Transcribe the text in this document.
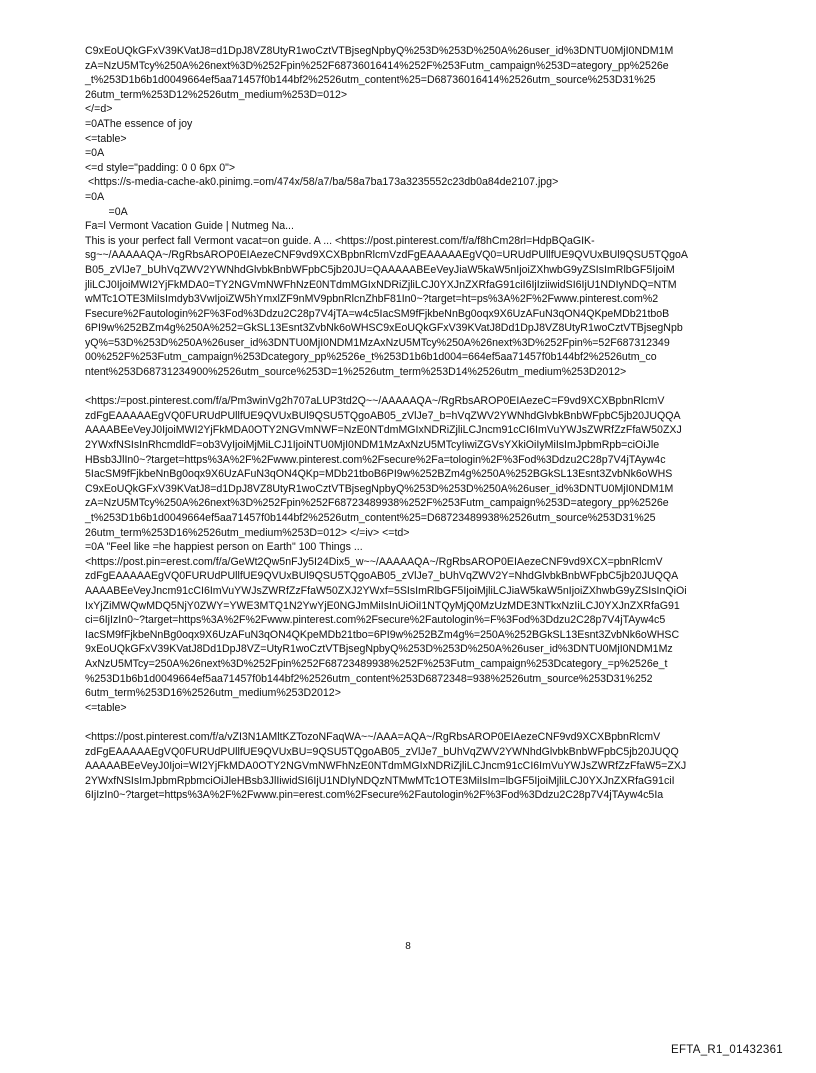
C9xEoUQkGFxV39KVatJ8=d1DpJ8VZ8UtyR1woCztVTBjsegNpbyQ%253D%253D%250A%26user_id%3DNTU0MjI0NDM1M
zA=NzU5MTcy%250A%26next%3D%252Fpin%252F68736016414%252F%253Futm_campaign%253D=ategory_pp%2526e
_t%253D1b6b1d0049664ef5aa71457f0b144bf2%2526utm_content%25=D68736016414%2526utm_source%253D31%25
26utm_term%253D12%2526utm_medium%253D=012>
</=d>
=0AThe essence of joy
<=table>
=0A
<=d style="padding: 0 0 6px 0">
<https://s-media-cache-ak0.pinimg.=om/474x/58/a7/ba/58a7ba173a3235552c23db0a84de2107.jpg>
=0A
=0A
Fa=l Vermont Vacation Guide | Nutmeg Na...
This is your perfect fall Vermont vacat=on guide. A ... <https://post.pinterest.com/f/a/f8hCm28rl=HdpBQaGIK-
sg~~/AAAAAQA~/RgRbsAROP0EIAezeCNF9vd9XCXBpbnRlcmVzdFgEAAAAAEgVQ0=URUdPUllfUE9QVUxBUl9QSU5TQgoA
B05_zVlJe7_bUhVqZWV2YWNhdGlvbkBnbWFpbC5jb20JU=QAAAAABEeVeyJiaW5kaW5nIjoiZXhwbG9yZSIsImRlbGF5IjoiM
jliLCJ0IjoiMWI2YjFkMDA0=TY2NGVmNWFhNzE0NTdmMGIxNDRiZjliLCJ0YXJnZXRfaG91ciI6IjIziiwidSI6IjU1NDIyNDQ=NTM
wMTc1OTE3MiIsImdyb3VwIjoiZW5hYmxlZF9nMV9pbnRlcnZhbF81In0~?target=ht=ps%3A%2F%2Fwww.pinterest.com%2
Fsecure%2Fautologin%2F%3Fod%3Ddzu2C28p7V4jTA=w4c5IacSM9fFjkbeNnBg0oqx9X6UzAFuN3qON4QKpeMDb21tboB
6PI9w%252BZm4g%250A%252=GkSL13Esnt3ZvbNk6oWHSC9xEoUQkGFxV39KVatJ8Dd1DpJ8VZ8UtyR1woCztVTBjsegNpb
yQ%=53D%253D%250A%26user_id%3DNTU0MjI0NDM1MzAxNzU5MTcy%250A%26next%3D%252Fpin%=52F687312349
00%252F%253Futm_campaign%253Dcategory_pp%2526e_t%253D1b6b1d004=664ef5aa71457f0b144bf2%2526utm_co
ntent%253D68731234900%2526utm_source%253D=1%2526utm_term%253D14%2526utm_medium%253D2012>
<https:/=post.pinterest.com/f/a/Pm3winVg2h707aLUP3td2Q~~/AAAAAQA~/RgRbsAROP0EIAezeC=F9vd9XCXBpbnRlcmV
zdFgEAAAAAEgVQ0FURUdPUllfUE9QVUxBUl9QSU5TQgoAB05_zVlJe7_b=hVqZWV2YWNhdGlvbkBnbWFpbC5jb20JUQQA
AAAABEeVeyJ0IjoiMWI2YjFkMDA0OTY2NGVmNWF=NzE0NTdmMGIxNDRiZjliLCJncm91cCI6ImVuYWJsZWRfZzFfaW50ZXJ
2YWxfNSIsInRhcmdldF=ob3VyIjoiMjMiLCJ1IjoiNTU0MjI0NDM1MzAxNzU5MTcyIiwiZGVsYXkiOiIyMiIsImJpbmRpb=ciOiJle
HBsb3JlIn0~?target=https%3A%2F%2Fwww.pinterest.com%2Fsecure%2Fa=tologin%2F%3Fod%3Ddzu2C28p7V4jTAyw4c
5IacSM9fFjkbeNnBg0oqx9X6UzAFuN3qON4QKp=MDb21tboB6PI9w%252BZm4g%250A%252BGkSL13Esnt3ZvbNk6oWHS
C9xEoUQkGFxV39KVatJ8=d1DpJ8VZ8UtyR1woCztVTBjsegNpbyQ%253D%253D%250A%26user_id%3DNTU0MjI0NDM1M
zA=NzU5MTcy%250A%26next%3D%252Fpin%252F68723489938%252F%253Futm_campaign%253D=ategory_pp%2526e
_t%253D1b6b1d0049664ef5aa71457f0b144bf2%2526utm_content%25=D68723489938%2526utm_source%253D31%25
26utm_term%253D16%2526utm_medium%253D=012> </=iv> <=td>
=0A "Feel like =he happiest person on Earth" 100 Things ...
<https://post.pin=erest.com/f/a/GeWt2Qw5nFJy5I24Dix5_w~~/AAAAAQA~/RgRbsAROP0EIAezeCNF9vd9XCX=pbnRlcmV
zdFgEAAAAAEgVQ0FURUdPUllfUE9QVUxBUl9QSU5TQgoAB05_zVlJe7_bUhVqZWV2Y=NhdGlvbkBnbWFpbC5jb20JUQQA
AAAABEeVeyJncm91cCI6ImVuYWJsZWRfZzFfaW50ZXJ2YWxf=5SIsImRlbGF5IjoiMjliLCJiaW5kaW5nIjoiZXhwbG9yZSIsInQiOi
IxYjZiMWQwMDQ5NjY0ZWY=YWE3MTQ1N2YwYjE0NGJmMiIsInUiOiI1NTQyMjQ0MzUzMDE3NTkxNzIiLCJ0YXJnZXRfaG91
ci=6IjIzIn0~?target=https%3A%2F%2Fwww.pinterest.com%2Fsecure%2Fautologin%=F%3Fod%3Ddzu2C28p7V4jTAyw4c5
IacSM9fFjkbeNnBg0oqx9X6UzAFuN3qON4QKpeMDb21tbo=6PI9w%252BZm4g%=250A%252BGkSL13Esnt3ZvbNk6oWHSC
9xEoUQkGFxV39KVatJ8Dd1DpJ8VZ=UtyR1woCztVTBjsegNpbyQ%253D%253D%250A%26user_id%3DNTU0MjI0NDM1Mz
AxNzU5MTcy=250A%26next%3D%252Fpin%252F68723489938%252F%253Futm_campaign%253Dcategory_=p%2526e_t
%253D1b6b1d0049664ef5aa71457f0b144bf2%2526utm_content%253D6872348=938%2526utm_source%253D31%252
6utm_term%253D16%2526utm_medium%253D2012>
<=table>
<https://post.pinterest.com/f/a/vZI3N1AMltKZTozoNFaqWA~~/AAA=AQA~/RgRbsAROP0EIAezeCNF9vd9XCXBpbnRlcmV
zdFgEAAAAAEgVQ0FURUdPUllfUE9QVUxBU=9QSU5TQgoAB05_zVlJe7_bUhVqZWV2YWNhdGlvbkBnbWFpbC5jb20JUQQ
AAAAABEeVeyJ0Ijoi=WI2YjFkMDA0OTY2NGVmNWFhNzE0NTdmMGIxNDRiZjliLCJncm91cCI6ImVuYWJsZWRfZzFfaW5=ZXJ
2YWxfNSIsImJpbmRpbmciOiJleHBsb3JlIiwidSI6IjU1NDIyNDQzNTMwMTc1OTE3MiIsIm=lbGF5IjoiMjliLCJ0YXJnZXRfaG91ciI
6IjIzIn0~?target=https%3A%2F%2Fwww.pin=erest.com%2Fsecure%2Fautologin%2F%3Fod%3Ddzu2C28p7V4jTAyw4c5Ia
8
EFTA_R1_01432361
